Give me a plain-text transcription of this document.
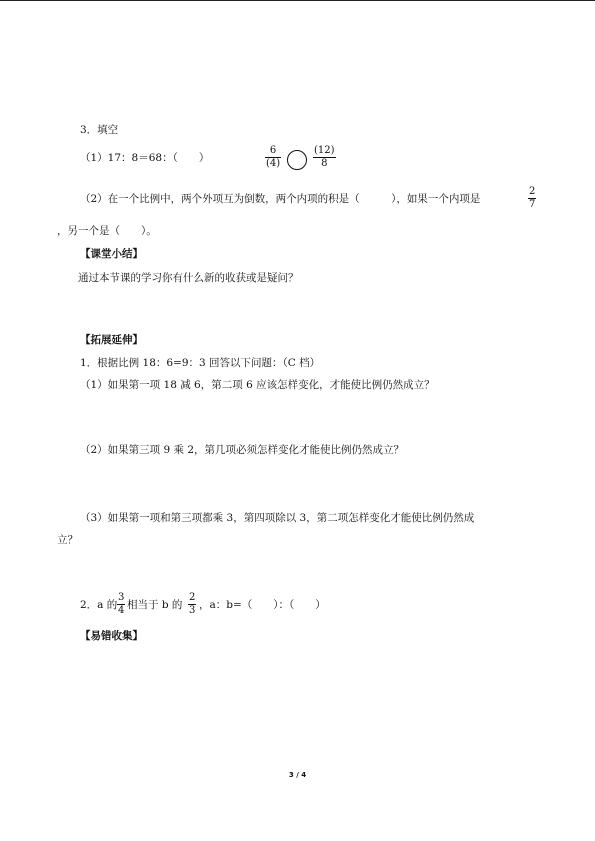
3．填空
（1）17：8＝68：（　　）
6
(4)
(12)
8
（2）在一个比例中，两个外项互为倒数，两个内项的积是（　　　），如果一个内项是
2
7
，另一个是（　　）。
【课堂小结】
通过本节课的学习你有什么新的收获或是疑问？
【拓展延伸】
1．根据比例 18：6=9：3 回答以下问题：（C 档）
（1）如果第一项 18 减 6，第二项 6 应该怎样变化，才能使比例仍然成立？
（2）如果第三项 9 乘 2，第几项必须怎样变化才能使比例仍然成立？
（3）如果第一项和第三项都乘 3，第四项除以 3，第二项怎样变化才能使比例仍然成
立？
2．a 的
3
4 相当于 b 的
2
3 ，a：b=（　　）：（　　）
【易错收集】
3 / 4
